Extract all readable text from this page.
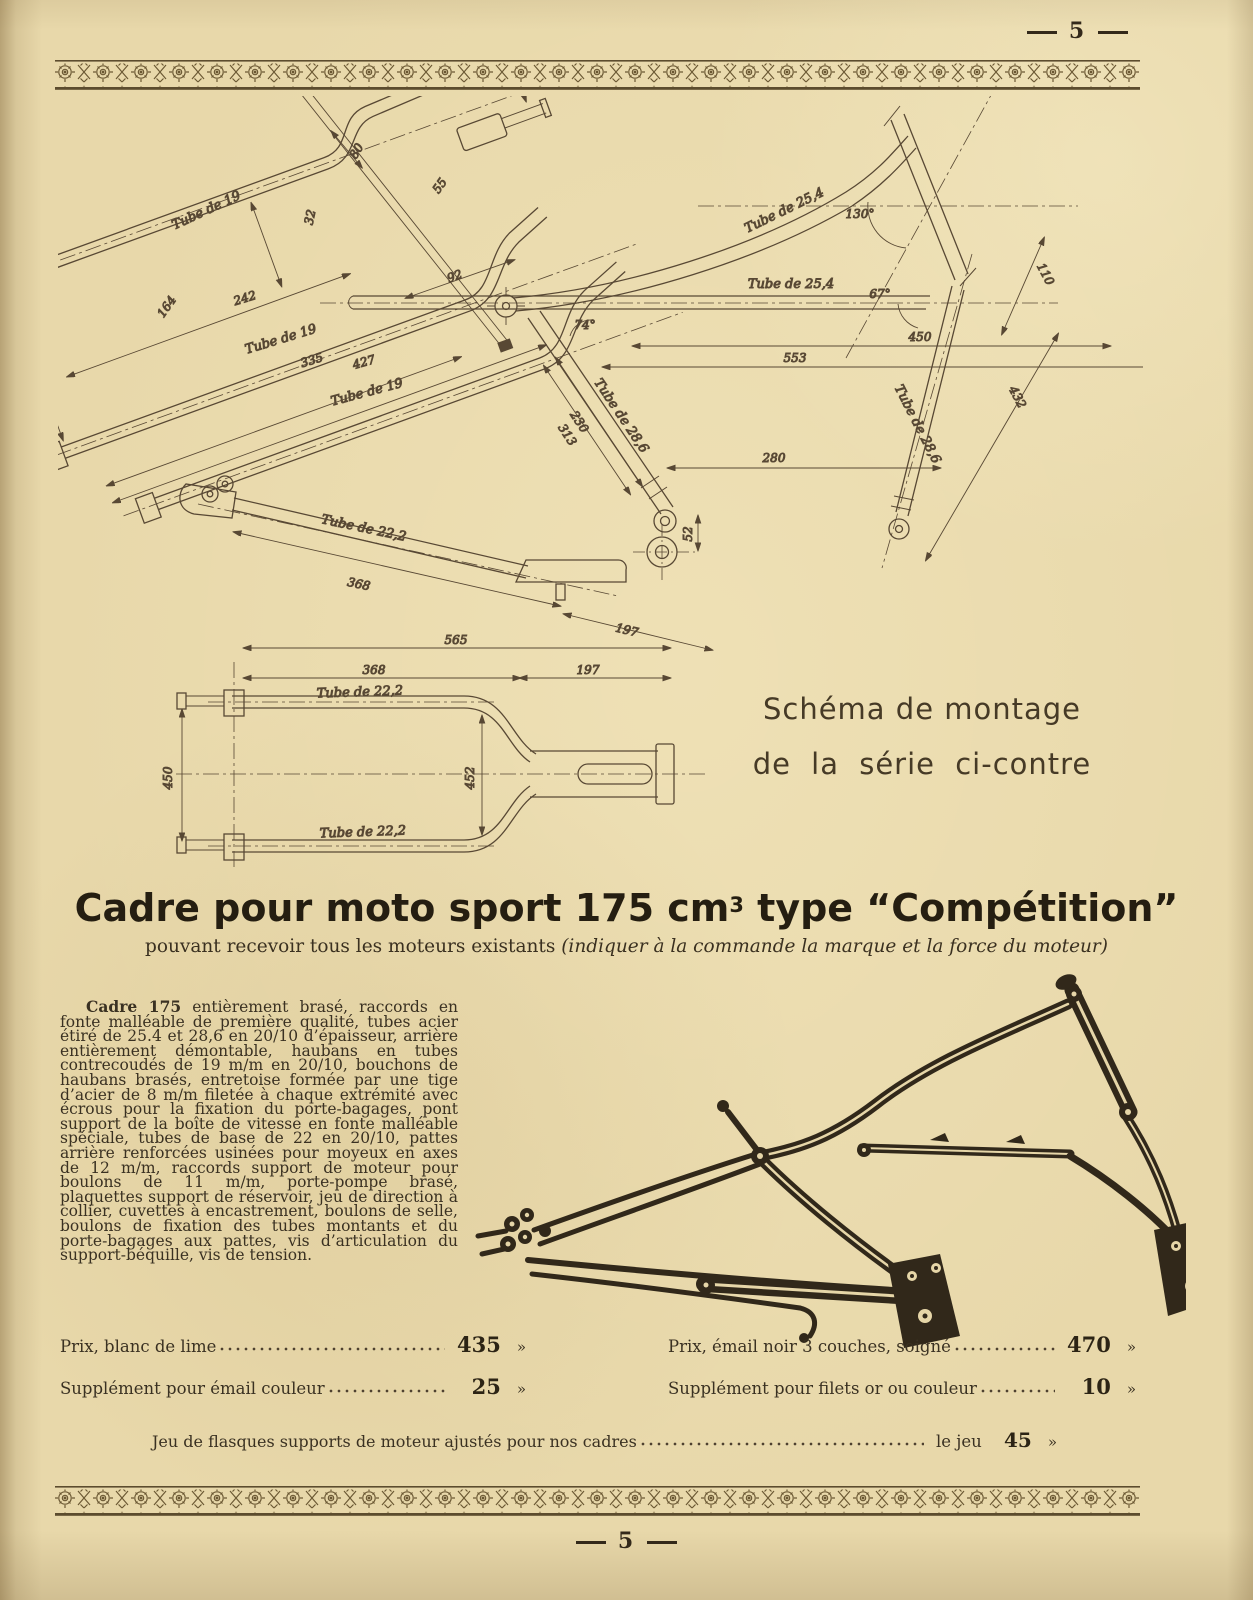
5
Tube de 19
Tube de 19
Tube de 19
Tube de 22,2
Tube de 25,4
Tube de 25,4
Tube de 28,6	Tube de 28,6
Tube de 22,2
Tube de 22,2
164	242
335 427
32
80
55
92
130°
67°
110
432
450
553
74°
230
313
280
52
368
197
565
368	197
450	452
Schéma de montage
de la série ci-contre
Cadre pour moto sport 175 $cm^3$ type “Compétition”
pouvant recevoir tous les moteurs existants (indiquer à la commande la marque et la force du moteur)

Cadre 175 entièrement brasé, raccords en fonte malléable de première qualité, tubes acier étiré de 25.4 et 28,6 en 20/10 d’épaisseur, arrière entièrement démontable, haubans en tubes contrecoudés de 19 m/m en 20/10, bouchons de haubans brasés, entretoise formée par une tige d’acier de 8 m/m filetée à chaque extrémité avec écrous pour la fixation du porte-bagages, pont support de la boîte de vitesse en fonte malléable spéciale, tubes de base de 22 en 20/10, pattes arrière renforcées usinées pour moyeux en axes de 12 m/m, raccords support de moteur pour boulons de 11 m/m, porte-pompe brasé, plaquettes support de réservoir, jeu de direction à collier, cuvettes à encastrement, boulons de selle, boulons de fixation des tubes montants et du porte-bagages aux pattes, vis d’articulation du support-béquille, vis de tension.

Prix, blanc de lime	435 »
Supplément pour émail couleur	25 »
Prix, émail noir 3 couches, soigné	470 »
Supplément pour filets or ou couleur	10 »
Jeu de flasques supports de moteur ajustés pour nos cadres	le jeu	45 »
5
